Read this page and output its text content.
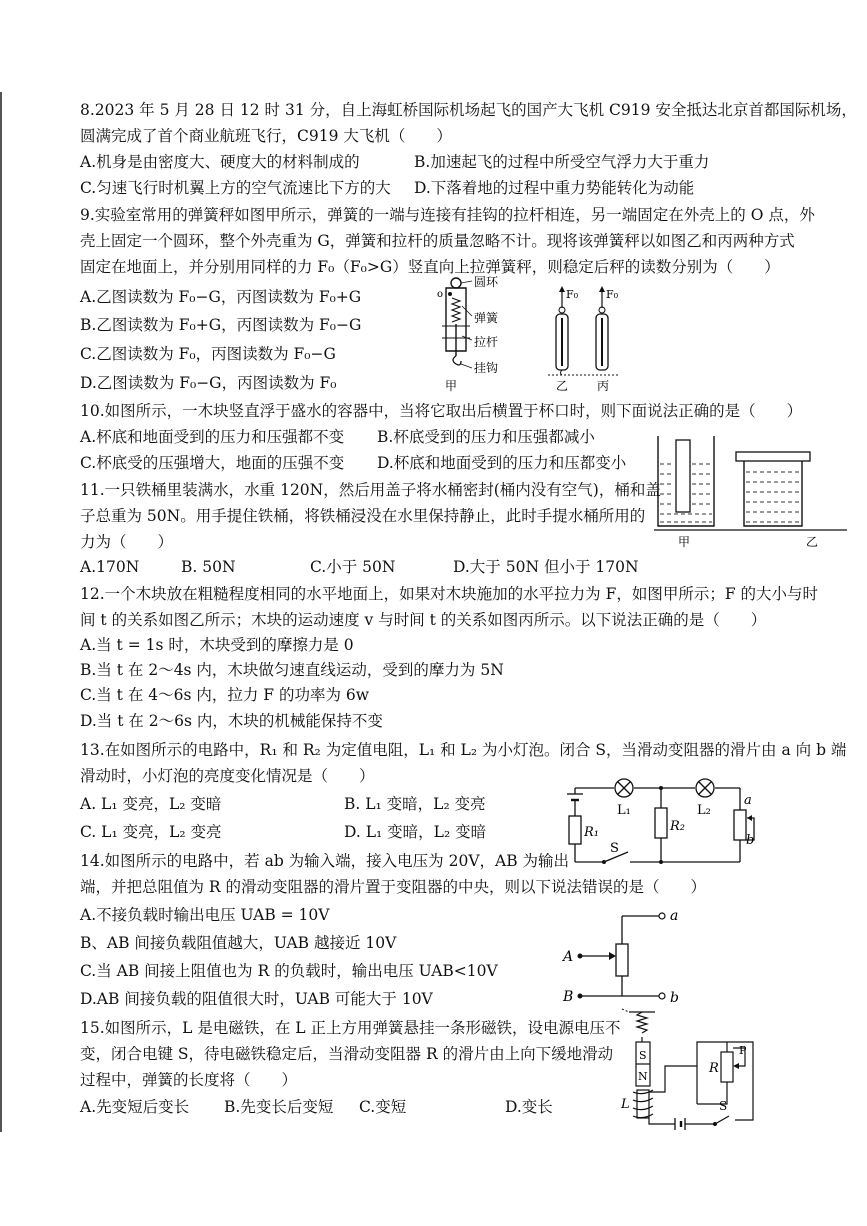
8.2023 年 5 月 28 日 12 时 31 分，自上海虹桥国际机场起飞的国产大飞机 C919 安全抵达北京首都国际机场，
圆满完成了首个商业航班飞行，C919 大飞机（　　）
A.机身是由密度大、硬度大的材料制成的	B.加速起飞的过程中所受空气浮力大于重力
C.匀速飞行时机翼上方的空气流速比下方的大 D.下落着地的过程中重力势能转化为动能
9.实验室常用的弹簧秤如图甲所示，弹簧的一端与连接有挂钩的拉杆相连，另一端固定在外壳上的 O 点，外
壳上固定一个圆环，整个外壳重为 G，弹簧和拉杆的质量忽略不计。现将该弹簧秤以如图乙和丙两种方式
固定在地面上，并分别用同样的力 F₀（F₀>G）竖直向上拉弹簧秤，则稳定后秤的读数分别为（　　）
A.乙图读数为 F₀−G，丙图读数为 F₀+G
B.乙图读数为 F₀+G，丙图读数为 F₀−G
C.乙图读数为 F₀，丙图读数为 F₀−G
D.乙图读数为 F₀−G，丙图读数为 F₀
圆环
弹簧
拉杆
挂钩
o
甲
F₀
乙
F₀
丙
10.如图所示，一木块竖直浮于盛水的容器中，当将它取出后横置于杯口时，则下面说法正确的是（　　）
A.杯底和地面受到的压力和压强都不变 B.杯底受到的压力和压强都减小
C.杯底受的压强增大，地面的压强不变 D.杯底和地面受到的压力和压都变小
甲	乙
11.一只铁桶里装满水，水重 120N，然后用盖子将水桶密封(桶内没有空气)，桶和盖
子总重为 50N。用手提住铁桶，将铁桶浸没在水里保持静止，此时手提水桶所用的
力为（　　）
A.170N	B. 50N	C.小于 50N	D.大于 50N 但小于 170N
12.一个木块放在粗糙程度相同的水平地面上，如果对木块施加的水平拉力为 F，如图甲所示；F 的大小与时
间 t 的关系如图乙所示；木块的运动速度 v 与时间 t 的关系如图丙所示。以下说法正确的是（　　）
A.当 t = 1s 时，木块受到的摩擦力是 0
B.当 t 在 2～4s 内，木块做匀速直线运动，受到的摩力为 5N
C.当 t 在 4～6s 内，拉力 F 的功率为 6w
D.当 t 在 2～6s 内，木块的机械能保持不变
13.在如图所示的电路中，R₁ 和 R₂ 为定值电阻，L₁ 和 L₂ 为小灯泡。闭合 S，当滑动变阻器的滑片由 a 向 b 端
滑动时，小灯泡的亮度变化情况是（　　）
A. L₁ 变亮，L₂ 变暗	B. L₁ 变暗，L₂ 变亮
C. L₁ 变亮，L₂ 变亮	D. L₁ 变暗，L₂ 变暗
L₁	L₂
R₁	R₂
a
b
S
14.如图所示的电路中，若 ab 为输入端，接入电压为 20V，AB 为输出
端，并把总阻值为 R 的滑动变阻器的滑片置于变阻器的中央，则以下说法错误的是（　　）
A.不接负载时输出电压 UAB = 10V
B、AB 间接负载阻值越大，UAB 越接近 10V
C.当 AB 间接上阻值也为 R 的负载时，输出电压 UAB<10V
D.AB 间接负载的阻值很大时，UAB 可能大于 10V
a
b
A
B
15.如图所示，L 是电磁铁，在 L 正上方用弹簧悬挂一条形磁铁，设电源电压不
变，闭合电键 S，待电磁铁稳定后，当滑动变阻器 R 的滑片由上向下缓地滑动
过程中，弹簧的长度将（　　）
A.先变短后变长 B.先变长后变短 C.变短	D.变长
S
N
R
P
L	S
